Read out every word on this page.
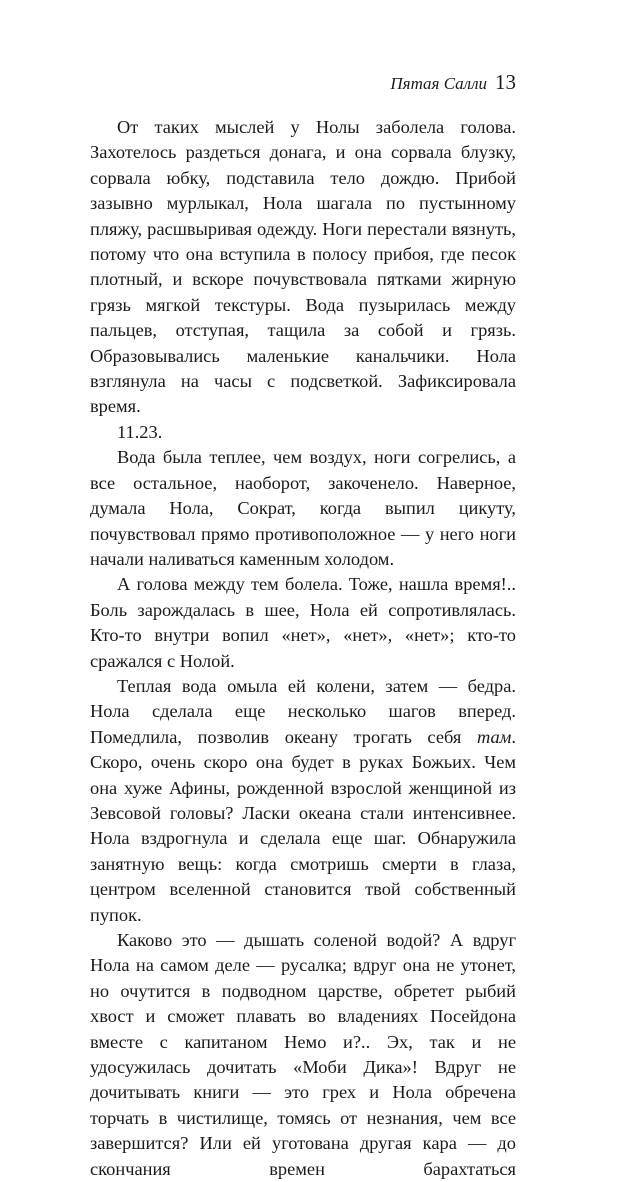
Пятая Салли 13

От таких мыслей у Нолы заболела голова. Захотелось раздеться донага, и она сорвала блузку, сорвала юбку, подставила тело дождю. Прибой зазывно мурлыкал, Нола шагала по пустынному пляжу, расшвыривая одежду. Ноги перестали вязнуть, потому что она вступила в полосу прибоя, где песок плотный, и вскоре почувствовала пятками жирную грязь мягкой текстуры. Вода пузырилась между пальцев, отступая, тащила за собой и грязь. Образовывались маленькие канальчики. Нола взглянула на часы с подсветкой. Зафиксировала время.

11.23.

Вода была теплее, чем воздух, ноги согрелись, а все остальное, наоборот, закоченело. Наверное, думала Нола, Сократ, когда выпил цикуту, почувствовал прямо противоположное — у него ноги начали наливаться каменным холодом.

А голова между тем болела. Тоже, нашла время!.. Боль зарождалась в шее, Нола ей сопротивлялась. Кто-то внутри вопил «нет», «нет», «нет»; кто-то сражался с Нолой.

Теплая вода омыла ей колени, затем — бедра. Нола сделала еще несколько шагов вперед. Помедлила, позволив океану трогать себя там. Скоро, очень скоро она будет в руках Божьих. Чем она хуже Афины, рожденной взрослой женщиной из Зевсовой головы? Ласки океана стали интенсивнее. Нола вздрогнула и сделала еще шаг. Обнаружила занятную вещь: когда смотришь смерти в глаза, центром вселенной становится твой собственный пупок.

Каково это — дышать соленой водой? А вдруг Нола на самом деле — русалка; вдруг она не утонет, но очутится в подводном царстве, обретет рыбий хвост и сможет плавать во владениях Посейдона вместе с капитаном Немо и?.. Эх, так и не удосужилась дочитать «Моби Дика»! Вдруг не дочитывать книги — это грех и Нола обречена торчать в чистилище, томясь от незнания, чем все завершится? Или ей уготована другая кара — до скончания времен барахтаться
